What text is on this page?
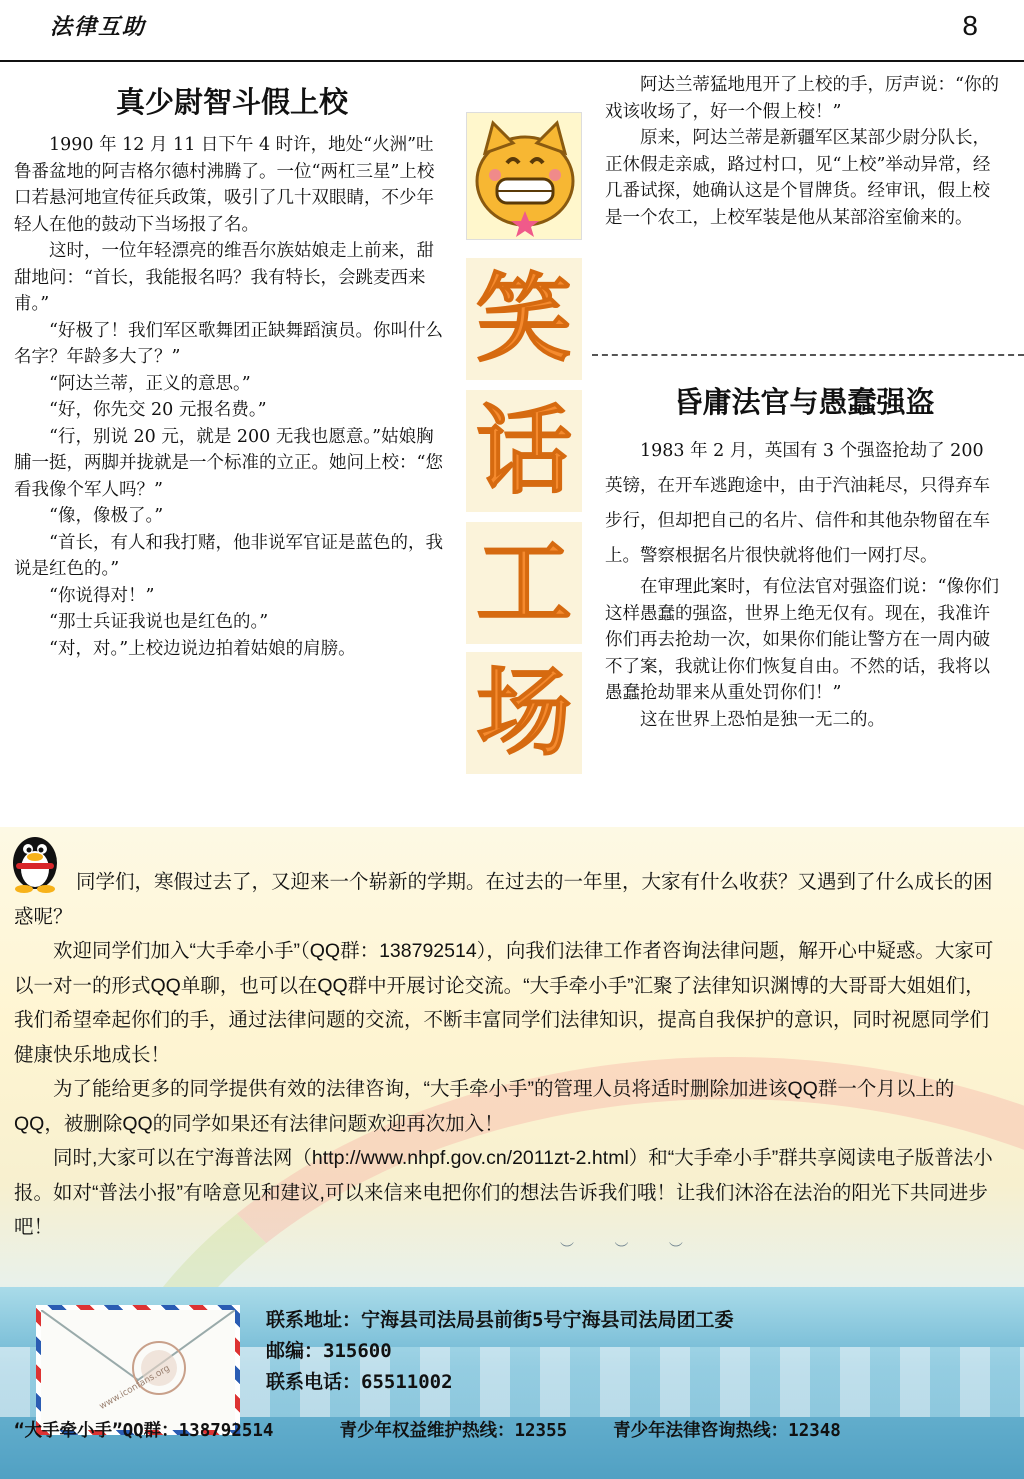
法律互助	8
真少尉智斗假上校

1990 年 12 月 11 日下午 4 时许，地处“火洲”吐鲁番盆地的阿吉格尔德村沸腾了。一位“两杠三星”上校口若悬河地宣传征兵政策，吸引了几十双眼睛，不少年轻人在他的鼓动下当场报了名。

这时，一位年轻漂亮的维吾尔族姑娘走上前来，甜甜地问：“首长，我能报名吗？我有特长，会跳麦西来甫。”

“好极了！我们军区歌舞团正缺舞蹈演员。你叫什么名字？年龄多大了？”

“阿达兰蒂，正义的意思。”

“好，你先交 20 元报名费。”

“行，别说 20 元，就是 200 无我也愿意。”姑娘胸脯一挺，两脚并拢就是一个标准的立正。她问上校：“您看我像个军人吗？”

“像，像极了。”

“首长，有人和我打赌，他非说军官证是蓝色的，我说是红色的。”

“你说得对！”

“那士兵证我说也是红色的。”

“对，对。”上校边说边拍着姑娘的肩膀。

笑
话
工
场

阿达兰蒂猛地甩开了上校的手，厉声说：“你的戏该收场了，好一个假上校！”

原来，阿达兰蒂是新疆军区某部少尉分队长，正休假走亲戚，路过村口，见“上校”举动异常，经几番试探，她确认这是个冒牌货。经审讯，假上校是一个农工，上校军装是他从某部浴室偷来的。

昏庸法官与愚蠢强盗

1983 年 2 月，英国有 3 个强盗抢劫了 200 英镑，在开车逃跑途中，由于汽油耗尽，只得弃车步行，但却把自己的名片、信件和其他杂物留在车上。警察根据名片很快就将他们一网打尽。

在审理此案时，有位法官对强盗们说：“像你们这样愚蠢的强盗，世界上绝无仅有。现在，我准许你们再去抢劫一次，如果你们能让警方在一周内破不了案，我就让你们恢复自由。不然的话，我将以愚蠢抢劫罪来从重处罚你们！”

这在世界上恐怕是独一无二的。

︶ ︶ ︶

同学们，寒假过去了，又迎来一个崭新的学期。在过去的一年里，大家有什么收获？又遇到了什么成长的困惑呢？

欢迎同学们加入“大手牵小手”（QQ群：138792514），向我们法律工作者咨询法律问题，解开心中疑惑。大家可以一对一的形式QQ单聊，也可以在QQ群中开展讨论交流。“大手牵小手”汇聚了法律知识渊博的大哥哥大姐姐们，我们希望牵起你们的手，通过法律问题的交流，不断丰富同学们法律知识，提高自我保护的意识，同时祝愿同学们健康快乐地成长！

为了能给更多的同学提供有效的法律咨询，“大手牵小手”的管理人员将适时删除加进该QQ群一个月以上的QQ，被删除QQ的同学如果还有法律问题欢迎再次加入！

同时,大家可以在宁海普法网（http://www.nhpf.gov.cn/2011zt-2.html）和“大手牵小手”群共享阅读电子版普法小报。如对“普法小报”有啥意见和建议,可以来信来电把你们的想法告诉我们哦！让我们沐浴在法治的阳光下共同进步吧！

www.iconfans.org
联系地址：宁海县司法局县前街5号宁海县司法局团工委
邮编：315600
联系电话：65511002
“大手牵小手”QQ群：138792514	青少年权益维护热线：12355	青少年法律咨询热线：12348
